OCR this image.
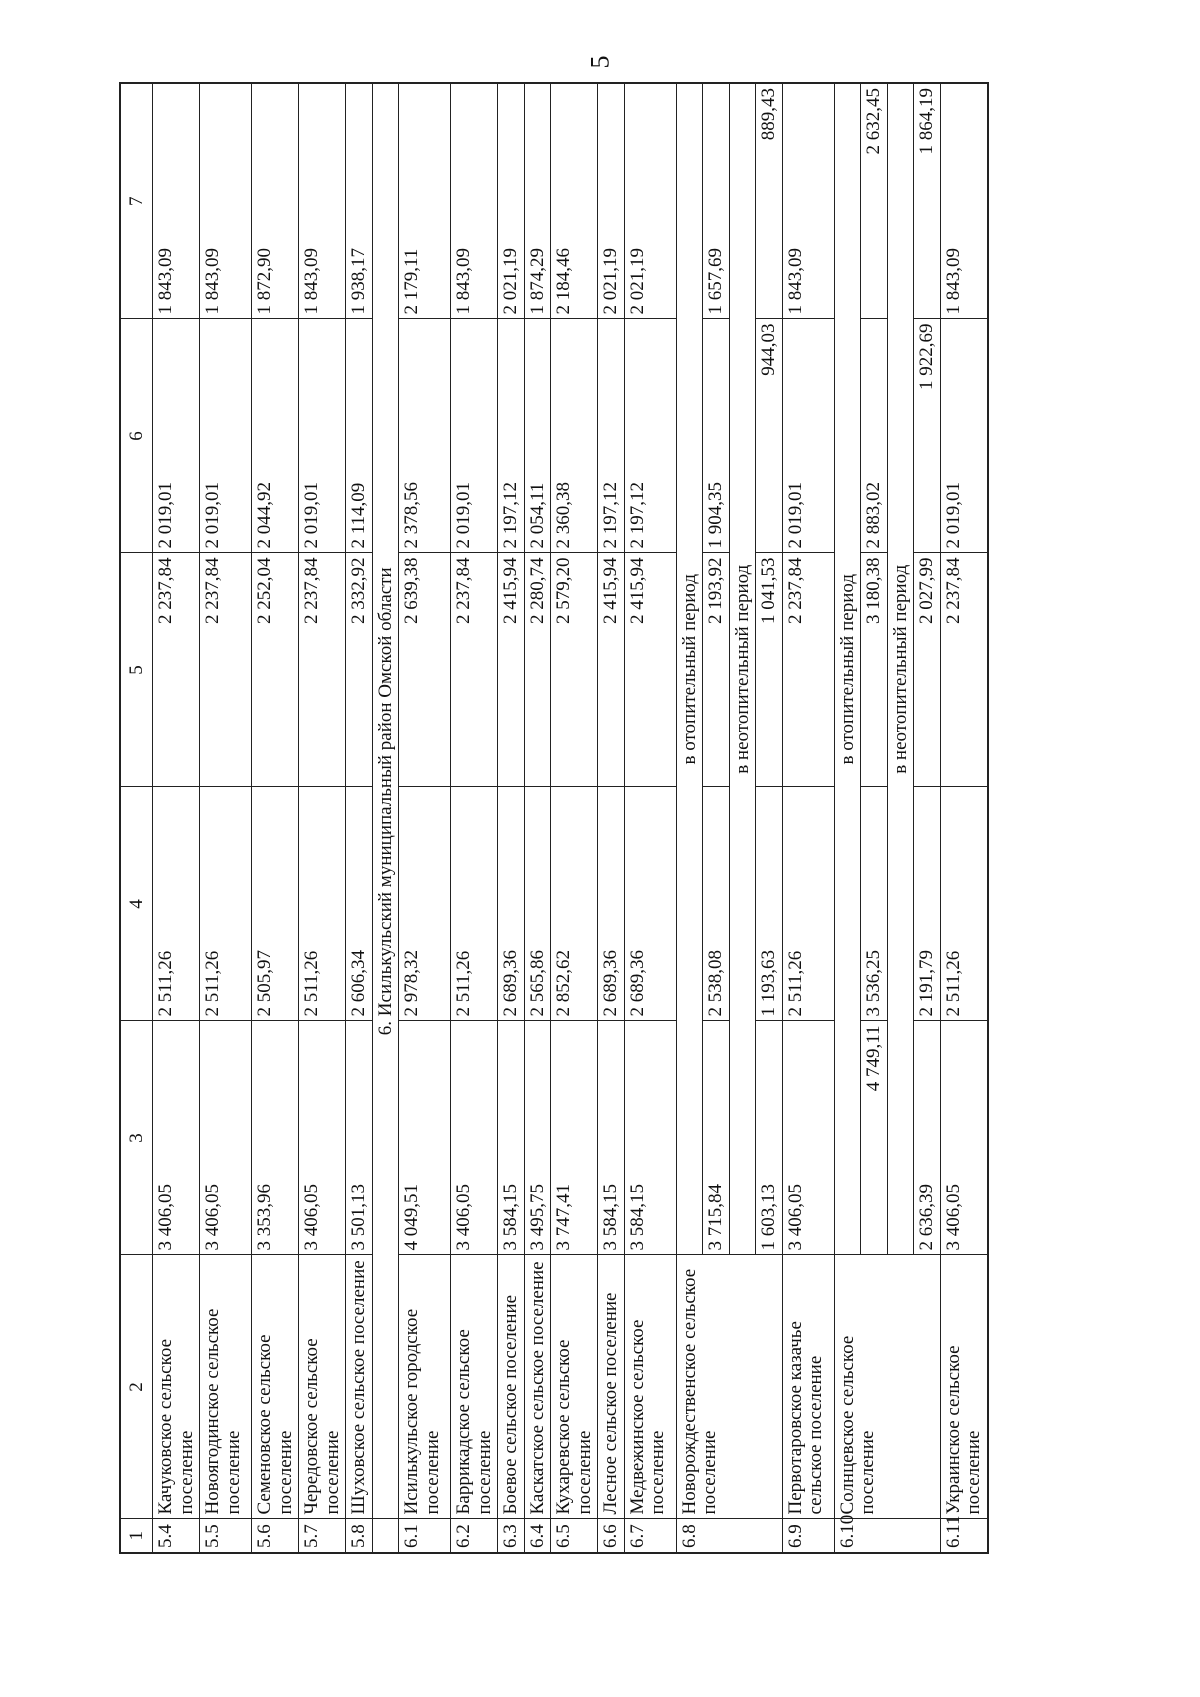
5
1	2	3	4	5	6	7
5.4	Качуковское сельское поселение	3 406,05	2 511,26	2 237,84	2 019,01	1 843,09
5.5	Новоягодинское сельское поселение	3 406,05	2 511,26	2 237,84	2 019,01	1 843,09
5.6	Семеновское сельское поселение	3 353,96	2 505,97	2 252,04	2 044,92	1 872,90
5.7	Чередовское сельское поселение	3 406,05	2 511,26	2 237,84	2 019,01	1 843,09
5.8	Шуховское сельское поселение	3 501,13	2 606,34	2 332,92	2 114,09	1 938,17
	6. Исилькульский муниципальный район Омской области					
6.1	Исилькульское городское поселение	4 049,51	2 978,32	2 639,38	2 378,56	2 179,11
6.2	Баррикадское сельское поселение	3 406,05	2 511,26	2 237,84	2 019,01	1 843,09
6.3	Боевое сельское поселение	3 584,15	2 689,36	2 415,94	2 197,12	2 021,19
6.4	Каскатское сельское поселение	3 495,75	2 565,86	2 280,74	2 054,11	1 874,29
6.5	Кухаревское сельское поселение	3 747,41	2 852,62	2 579,20	2 360,38	2 184,46
6.6	Лесное сельское поселение	3 584,15	2 689,36	2 415,94	2 197,12	2 021,19
6.7	Медвежинское сельское поселение	3 584,15	2 689,36	2 415,94	2 197,12	2 021,19
6.8	Новорождественское сельское поселение	в отопительный период				
		3 715,84	2 538,08	2 193,92	1 904,35	1 657,69
		в неотопительный период				
		1 603,13	1 193,63	1 041,53	944,03	889,43
6.9	Первотаровское казачье сельское поселение	3 406,05	2 511,26	2 237,84	2 019,01	1 843,09
6.10	Солнцевское сельское поселение	в отопительный период				
		4 749,11	3 536,25	3 180,38	2 883,02	2 632,45
		в неотопительный период				
		2 636,39	2 191,79	2 027,99	1 922,69	1 864,19
6.11	Украинское сельское поселение	3 406,05	2 511,26	2 237,84	2 019,01	1 843,09
